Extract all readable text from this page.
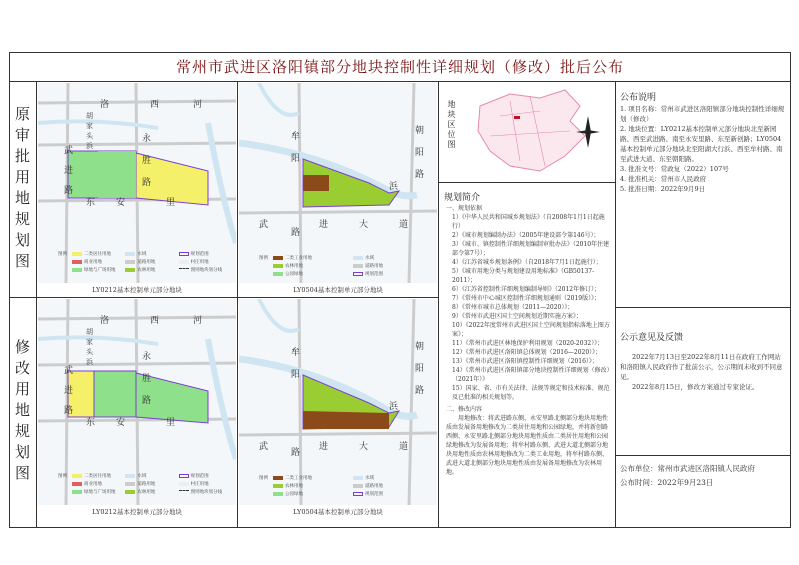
常州市武进区洛阳镇部分地块控制性详细规划（修改）批后公布
原审批用地规划图
修改用地规划图
洛	西	河
永
胜
路
武
进
路
东 安	里
胡
家
头
浜
图例	二类居住用地	水域	规划范围
商业用地	道路用地	村庄用地
绿地与广场用地	农林用地	图则地块划分线
LY0212基本控制单元部分地块
牟
阳
路
武	进	大	道
朝
阳
路
浜
图例	二类工业用地	水域
农林用地	道路用地
公园绿地	规划范围
LY0504基本控制单元部分地块
洛	西	河
永
胜
路
武
进
路
东 安	里
胡
家
头
浜
图例	二类居住用地	水域	规划范围
商业用地	道路用地	村庄用地
绿地与广场用地	农林用地	图则地块划分线
LY0212基本控制单元部分地块
牟
阳
路
武	进	大	道
朝
阳
路
浜
图例	二类工业用地	水域
农林用地	道路用地
公园绿地	规划范围
LY0504基本控制单元部分地块
地块区位图
规划简介
一、规划依据
1）《中华人民共和国城乡规划法》（自2008年1月1日起施行）
2）《城市规划编制办法》（2005年建设部令第146号）；
3）《城市、镇控制性详细规划编制审批办法》（2010年住建部令第7号）；
4）《江苏省城乡规划条例》（自2018年7月1日起施行）；
5）《城市用地分类与规划建设用地标准》（GB50137-2011）；
6）《江苏省控制性详细规划编制导则》（2012年修订）；
7）《常州市中心城区控制性详细规划通则（2019版）》；
8）《常州市城市总体规划（2011—2020）》；
9）《常州市武进区国土空间规划近期实施方案》；
10）《2022年度常州市武进区国土空间规划指标落地上图方案》；
11）《常州市武进区林地保护利用规划（2020-2032）》；
12）《常州市武进区洛阳镇总体规划（2016—2020）》；
13）《常州市武进区洛阳镇控制性详细规划（2016）》；
14）《常州市武进区洛阳镇部分地块控制性详细规划（修改）（2021年）》
15）国家、省、市有关法律、法规等规定和技术标准、规范及已批准的相关规划等。
二、修改内容
用地修改：将武进路东侧、永安里路北侧部分地块用地性质由发展备用地修改为二类居住用地和公园绿地，并将新创路西侧、永安里路北侧部分地块用地性质由二类居住用地和公园绿地修改为发展备用地；将牟村路东侧、武进大道北侧部分地块用地性质由农林用地修改为二类工业用地，将牟村路东侧、武进大道北侧部分地块用地性质由发展备用地修改为农林用地。
公布说明
1. 项目名称：常州市武进区洛阳镇部分地块控制性详细规划（修改）
2. 地块位置：LY0212基本控制单元部分地块北至新园路、西至武进路、南至永安里路、东至新创路；LY0504基本控制单元部分地块北至阳湖大行浜、西至牟村路、南至武进大道、东至朝阳路。
3. 批准文号：常政复（2022）107号
4. 批准机关：常州市人民政府
5. 批准日期：2022年9月9日
公示意见及反馈
2022年7月13日至2022年8月11日在政府工作网站和洛阳镇人民政府作了批前公示，公示期间未收到不同意见。
2022年8月15日，修改方案通过专家论证。
公布单位：常州市武进区洛阳镇人民政府
公布时间：2022年9月23日
